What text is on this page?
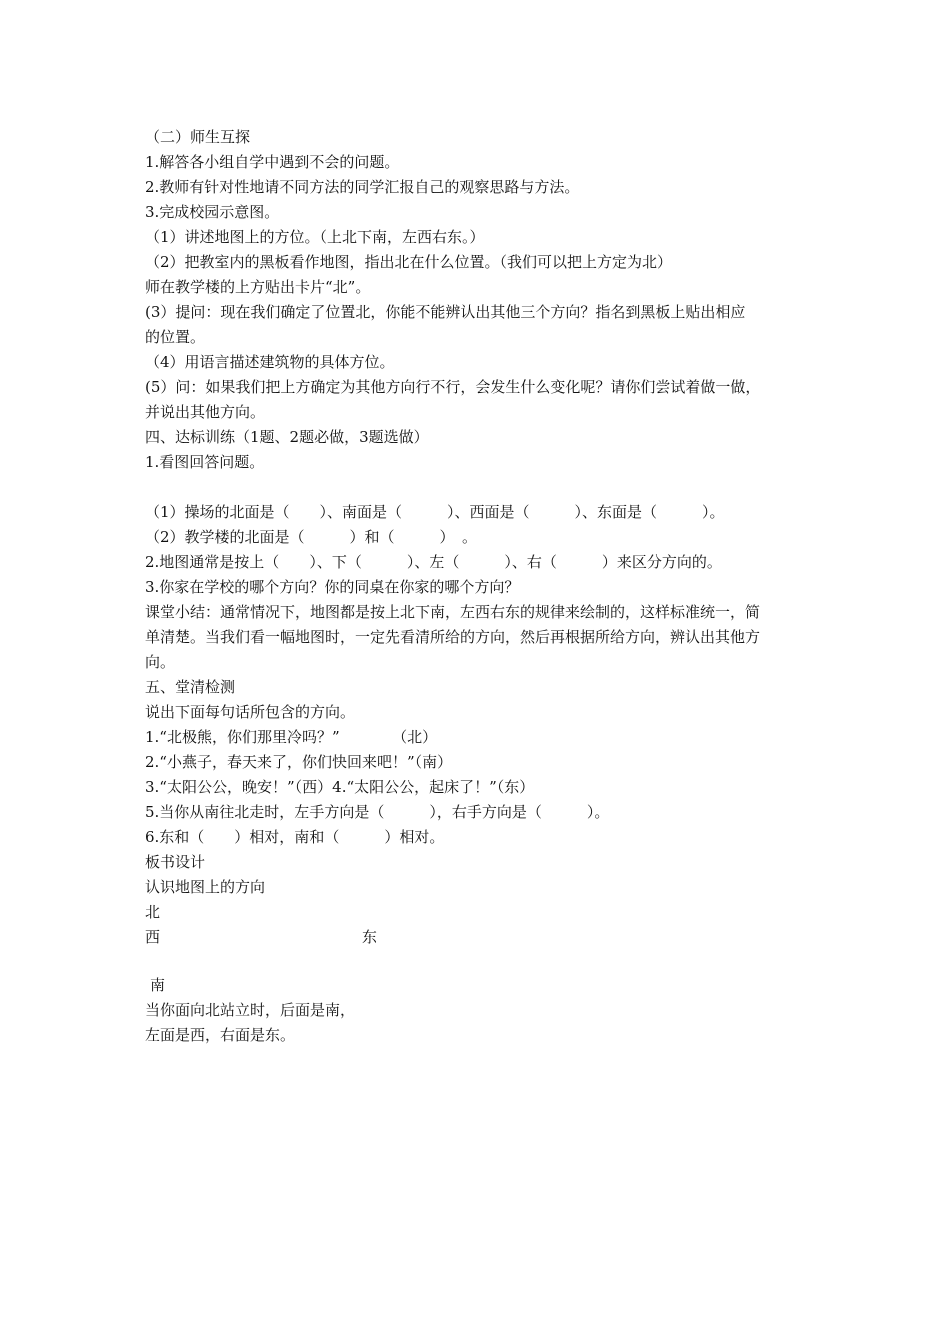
（二）师生互探
1.解答各小组自学中遇到不会的问题。
2.教师有针对性地请不同方法的同学汇报自己的观察思路与方法。
3.完成校园示意图。
（1）讲述地图上的方位。（上北下南，左西右东。）
（2）把教室内的黑板看作地图，指出北在什么位置。（我们可以把上方定为北）
师在教学楼的上方贴出卡片“北”。
(3）提问：现在我们确定了位置北，你能不能辨认出其他三个方向？指名到黑板上贴出相应
的位置。
（4）用语言描述建筑物的具体方位。
(5）问：如果我们把上方确定为其他方向行不行，会发生什么变化呢？请你们尝试着做一做，
并说出其他方向。
四、达标训练（1题、2题必做，3题选做）
1.看图回答问题。
（1）操场的北面是（　　）、南面是（　　　）、西面是（　　　）、东面是（　　　）。
（2）教学楼的北面是（　　　）和（　　　）　。
2.地图通常是按上（　　）、下（　　　）、左（　　　）、右（　　　）来区分方向的。
3.你家在学校的哪个方向？你的同桌在你家的哪个方向？
课堂小结：通常情况下，地图都是按上北下南，左西右东的规律来绘制的，这样标准统一，简
单清楚。当我们看一幅地图时，一定先看清所给的方向，然后再根据所给方向，辨认出其他方
向。
五、堂清检测
说出下面每句话所包含的方向。
1.“北极熊，你们那里冷吗？”　　　　（北）
2.“小燕子，春天来了，你们快回来吧！”（南）
3.“太阳公公，晚安！”（西）4.“太阳公公，起床了！”（东）
5.当你从南往北走时，左手方向是（　　　），右手方向是（　　　）。
6.东和（　　）相对，南和（　　　）相对。
板书设计
认识地图上的方向
北
西	东
南
当你面向北站立时，后面是南，
左面是西，右面是东。
